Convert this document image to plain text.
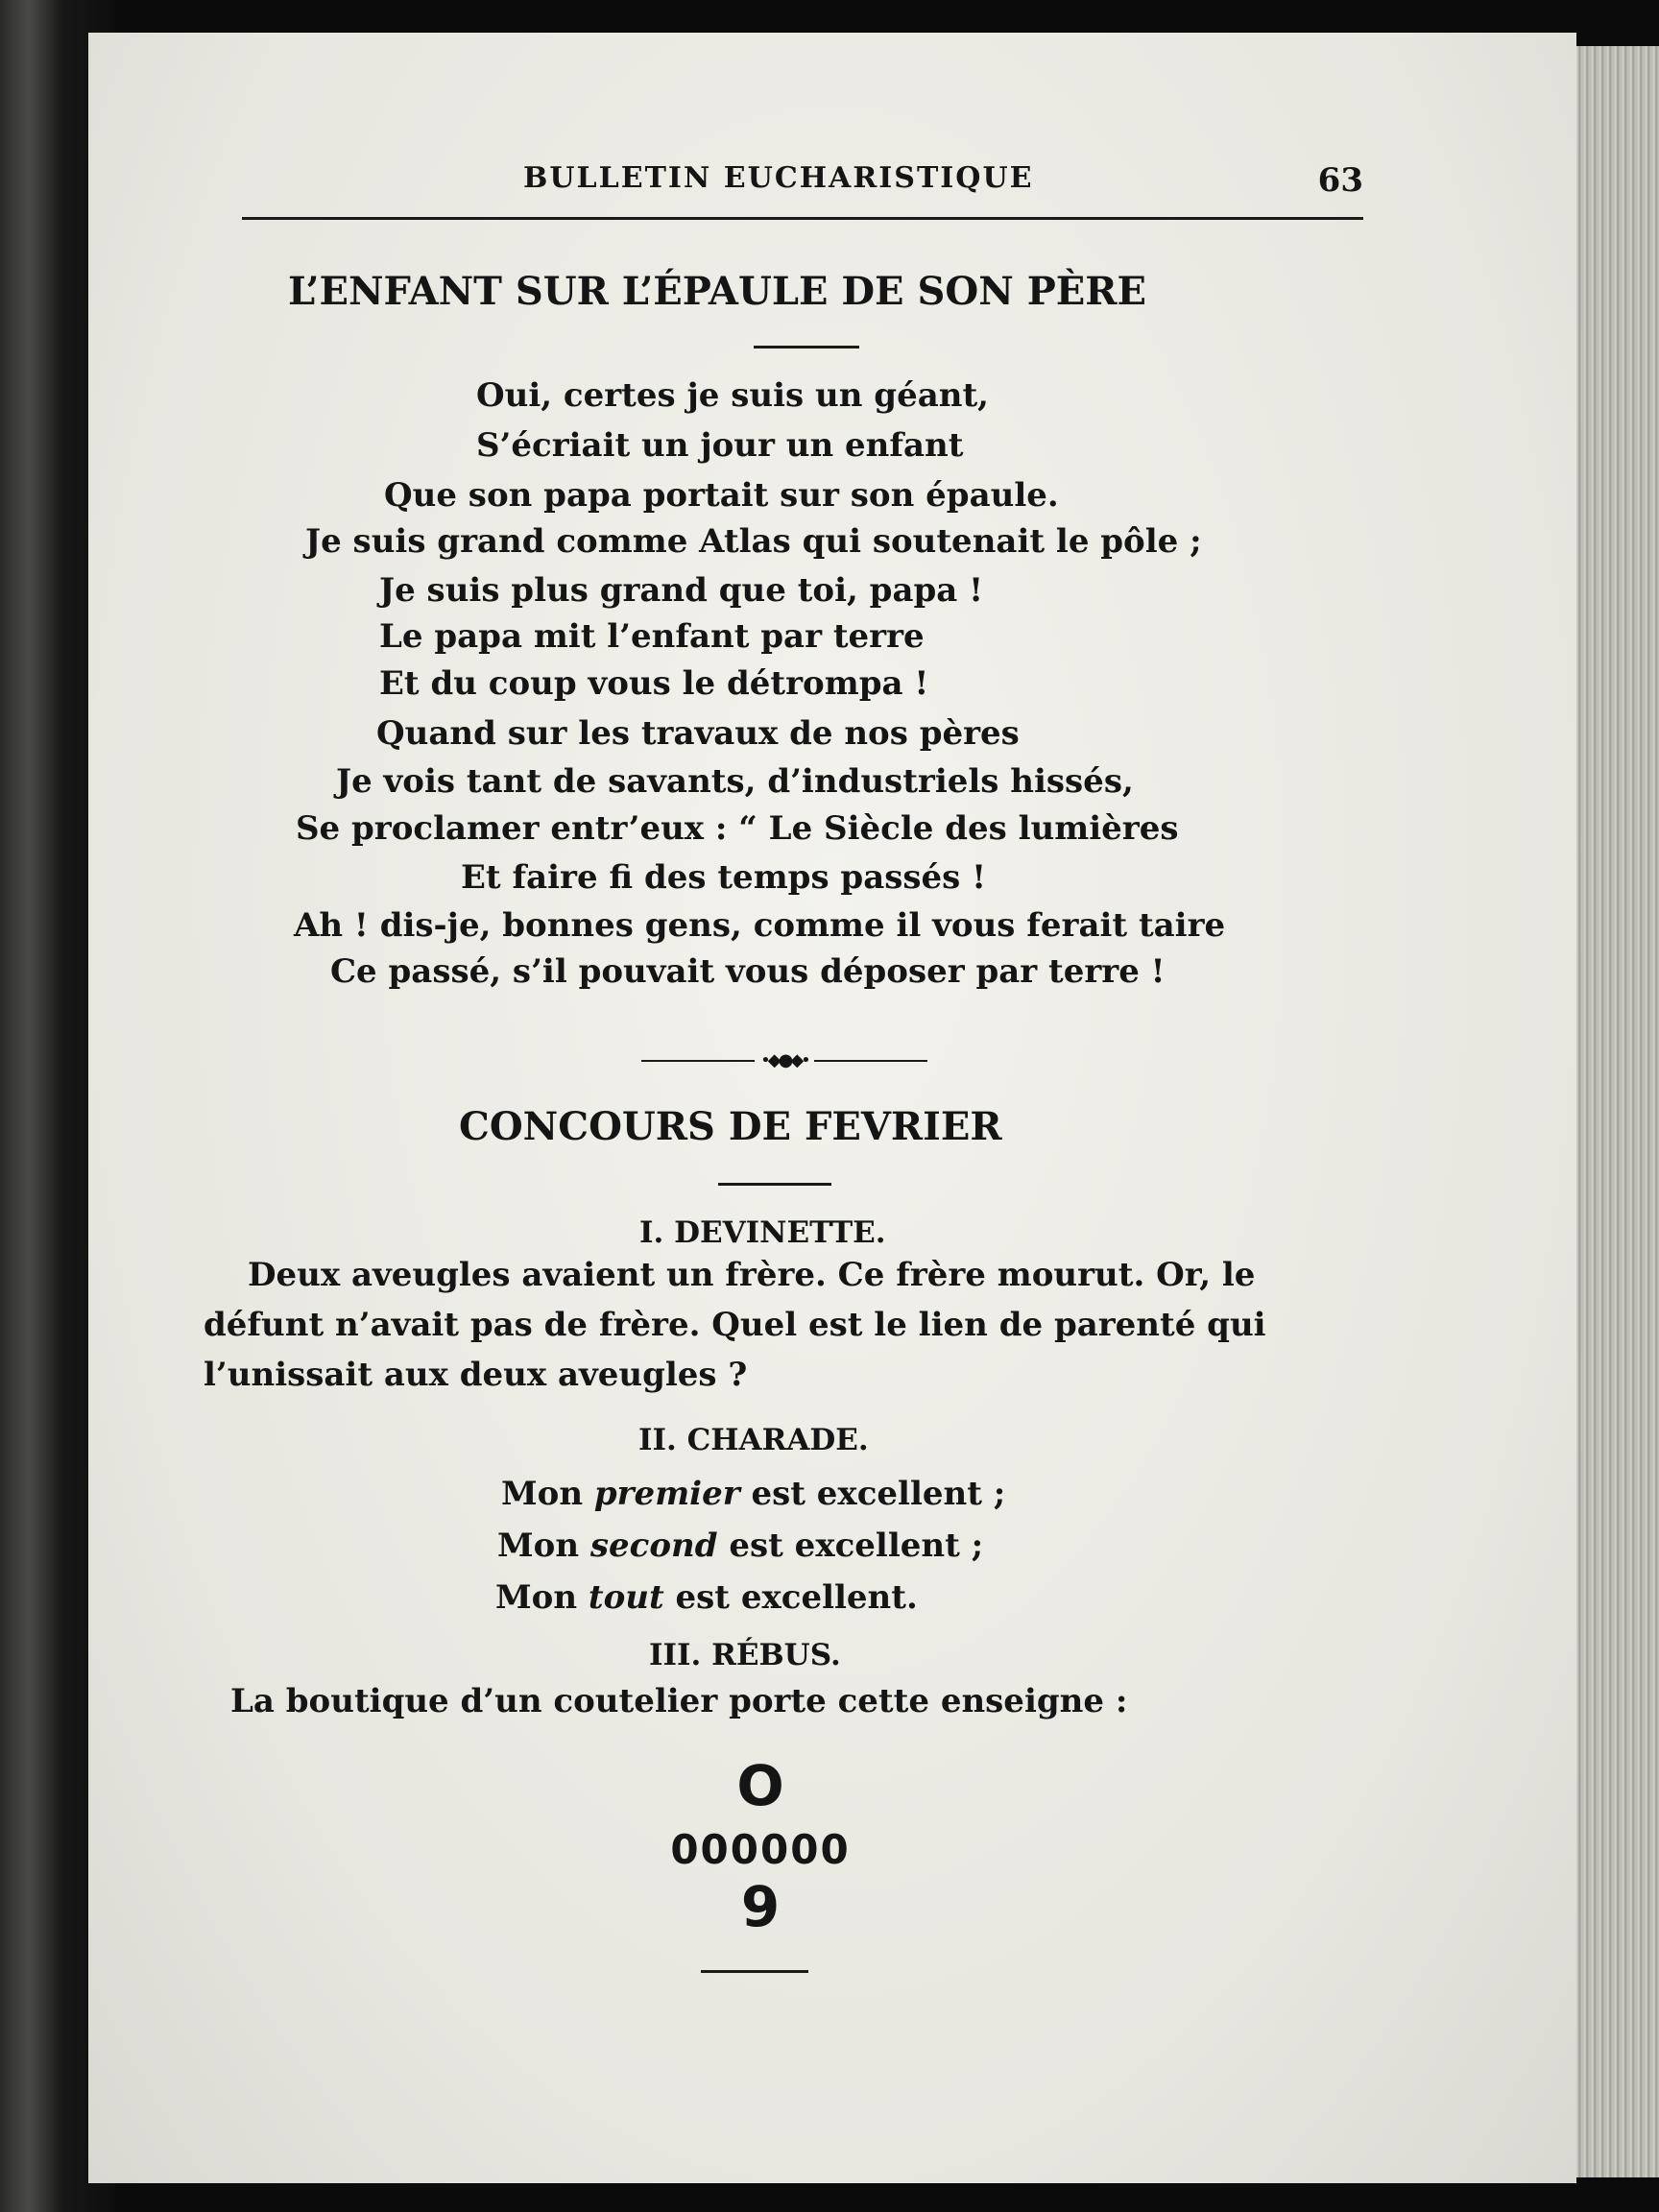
BULLETIN EUCHARISTIQUE	63
L’ENFANT SUR L’ÉPAULE DE SON PÈRE
Oui, certes je suis un géant,
S’écriait un jour un enfant
Que son papa portait sur son épaule.
Je suis grand comme Atlas qui soutenait le pôle ;
Je suis plus grand que toi, papa !
Le papa mit l’enfant par terre
Et du coup vous le détrompa !
Quand sur les travaux de nos pères
Je vois tant de savants, d’industriels hissés,
Se proclamer entr’eux : “ Le Siècle des lumières
Et faire fi des temps passés !
Ah ! dis-je, bonnes gens, comme il vous ferait taire
Ce passé, s’il pouvait vous déposer par terre !
•◆●◆•
CONCOURS DE FEVRIER
I. DEVINETTE.
Deux aveugles avaient un frère. Ce frère mourut. Or, le
défunt n’avait pas de frère. Quel est le lien de parenté qui
l’unissait aux deux aveugles ?
II. CHARADE.
Mon premier est excellent ;
Mon second est excellent ;
Mon tout est excellent.
III. RÉBUS.
La boutique d’un coutelier porte cette enseigne :
O
000000
9
